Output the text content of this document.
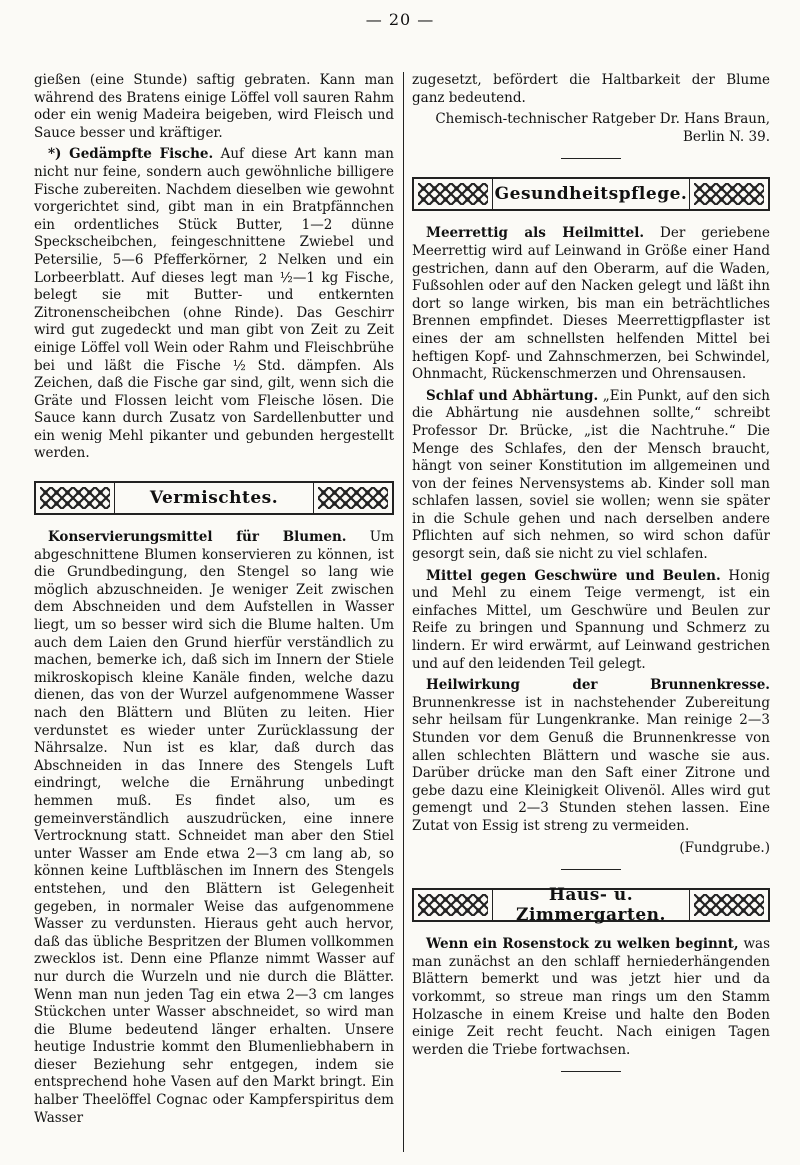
— 20 —

gießen (eine Stunde) saftig gebraten. Kann man während des Bratens einige Löffel voll sauren Rahm oder ein wenig Madeira beigeben, wird Fleisch und Sauce besser und kräftiger.

*) Gedämpfte Fische. Auf diese Art kann man nicht nur feine, sondern auch gewöhnliche billigere Fische zubereiten. Nachdem dieselben wie gewohnt vorgerichtet sind, gibt man in ein Bratpfännchen ein ordentliches Stück Butter, 1—2 dünne Speckscheibchen, feingeschnittene Zwiebel und Petersilie, 5—6 Pfefferkörner, 2 Nelken und ein Lorbeerblatt. Auf dieses legt man ½—1 kg Fische, belegt sie mit Butter- und entkernten Zitronenscheibchen (ohne Rinde). Das Geschirr wird gut zugedeckt und man gibt von Zeit zu Zeit einige Löffel voll Wein oder Rahm und Fleischbrühe bei und läßt die Fische ½ Std. dämpfen. Als Zeichen, daß die Fische gar sind, gilt, wenn sich die Gräte und Flossen leicht vom Fleische lösen. Die Sauce kann durch Zusatz von Sardellenbutter und ein wenig Mehl pikanter und gebunden hergestellt werden.

Vermischtes.

Konservierungsmittel für Blumen. Um abgeschnittene Blumen konservieren zu können, ist die Grundbedingung, den Stengel so lang wie möglich abzuschneiden. Je weniger Zeit zwischen dem Abschneiden und dem Aufstellen in Wasser liegt, um so besser wird sich die Blume halten. Um auch dem Laien den Grund hierfür verständlich zu machen, bemerke ich, daß sich im Innern der Stiele mikroskopisch kleine Kanäle finden, welche dazu dienen, das von der Wurzel aufgenommene Wasser nach den Blättern und Blüten zu leiten. Hier verdunstet es wieder unter Zurücklassung der Nährsalze. Nun ist es klar, daß durch das Abschneiden in das Innere des Stengels Luft eindringt, welche die Ernährung unbedingt hemmen muß. Es findet also, um es gemeinverständlich auszudrücken, eine innere Vertrocknung statt. Schneidet man aber den Stiel unter Wasser am Ende etwa 2—3 cm lang ab, so können keine Luftbläschen im Innern des Stengels entstehen, und den Blättern ist Gelegenheit gegeben, in normaler Weise das aufgenommene Wasser zu verdunsten. Hieraus geht auch hervor, daß das übliche Bespritzen der Blumen vollkommen zwecklos ist. Denn eine Pflanze nimmt Wasser auf nur durch die Wurzeln und nie durch die Blätter. Wenn man nun jeden Tag ein etwa 2—3 cm langes Stückchen unter Wasser abschneidet, so wird man die Blume bedeutend länger erhalten. Unsere heutige Industrie kommt den Blumenliebhabern in dieser Beziehung sehr entgegen, indem sie entsprechend hohe Vasen auf den Markt bringt. Ein halber Theelöffel Cognac oder Kampferspiritus dem Wasser

zugesetzt, befördert die Haltbarkeit der Blume ganz bedeutend.

Chemisch-technischer Ratgeber Dr. Hans Braun, Berlin N. 39.

Gesundheitspflege.

Meerrettig als Heilmittel. Der geriebene Meerrettig wird auf Leinwand in Größe einer Hand gestrichen, dann auf den Oberarm, auf die Waden, Fußsohlen oder auf den Nacken gelegt und läßt ihn dort so lange wirken, bis man ein beträchtliches Brennen empfindet. Dieses Meerrettigpflaster ist eines der am schnellsten helfenden Mittel bei heftigen Kopf- und Zahnschmerzen, bei Schwindel, Ohnmacht, Rückenschmerzen und Ohrensausen.

Schlaf und Abhärtung. „Ein Punkt, auf den sich die Abhärtung nie ausdehnen sollte,“ schreibt Professor Dr. Brücke, „ist die Nachtruhe.“ Die Menge des Schlafes, den der Mensch braucht, hängt von seiner Konstitution im allgemeinen und von der feines Nervensystems ab. Kinder soll man schlafen lassen, soviel sie wollen; wenn sie später in die Schule gehen und nach derselben andere Pflichten auf sich nehmen, so wird schon dafür gesorgt sein, daß sie nicht zu viel schlafen.

Mittel gegen Geschwüre und Beulen. Honig und Mehl zu einem Teige vermengt, ist ein einfaches Mittel, um Geschwüre und Beulen zur Reife zu bringen und Spannung und Schmerz zu lindern. Er wird erwärmt, auf Leinwand gestrichen und auf den leidenden Teil gelegt.

Heilwirkung der Brunnenkresse. Brunnenkresse ist in nachstehender Zubereitung sehr heilsam für Lungenkranke. Man reinige 2—3 Stunden vor dem Genuß die Brunnenkresse von allen schlechten Blättern und wasche sie aus. Darüber drücke man den Saft einer Zitrone und gebe dazu eine Kleinigkeit Olivenöl. Alles wird gut gemengt und 2—3 Stunden stehen lassen. Eine Zutat von Essig ist streng zu vermeiden.

(Fundgrube.)

Haus- u. Zimmergarten.

Wenn ein Rosenstock zu welken beginnt, was man zunächst an den schlaff herniederhängenden Blättern bemerkt und was jetzt hier und da vorkommt, so streue man rings um den Stamm Holzasche in einem Kreise und halte den Boden einige Zeit recht feucht. Nach einigen Tagen werden die Triebe fortwachsen.
